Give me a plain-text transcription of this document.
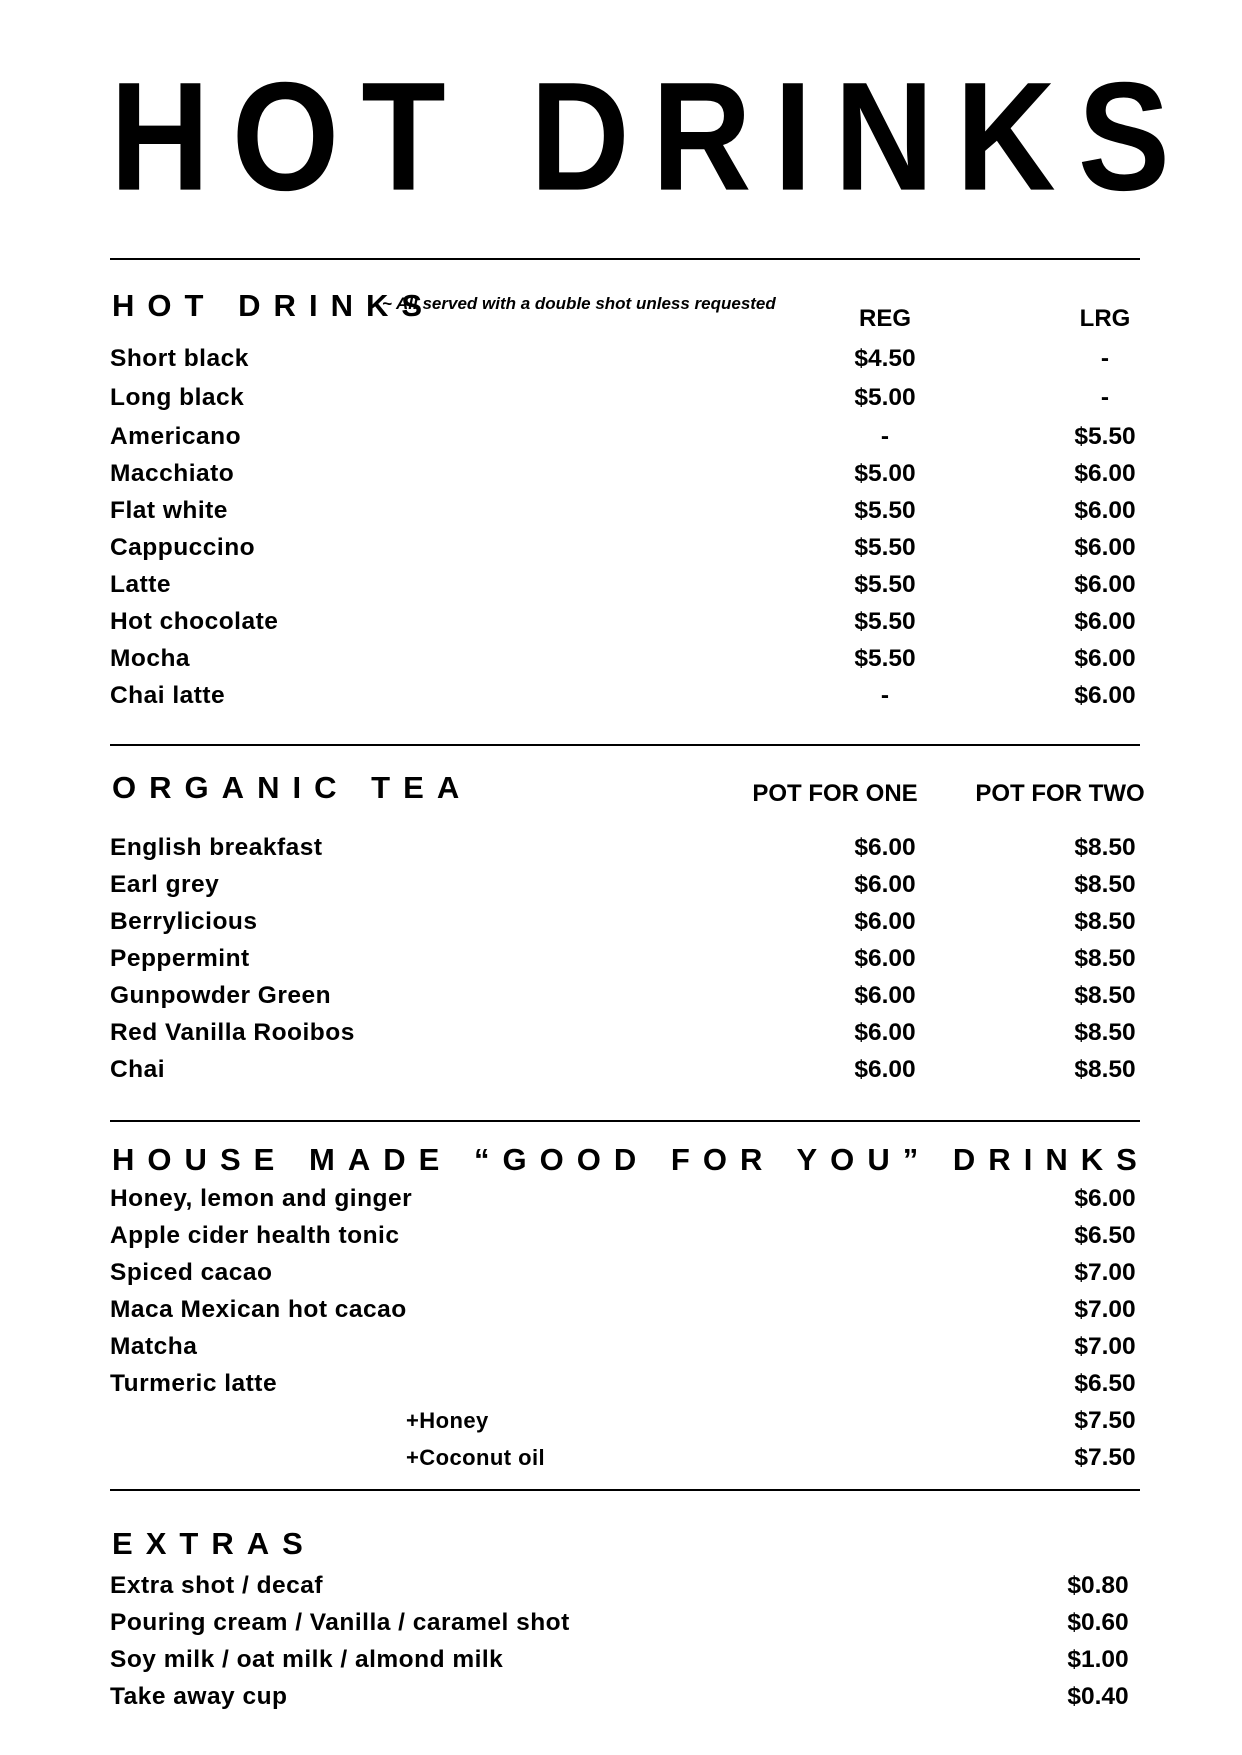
H O T D R I N K S
HOT DRINKS
~ All served with a double shot unless requested
REG	LRG
Short black	$4.50	-
Long black	$5.00	-
Americano	-	$5.50
Macchiato	$5.00	$6.00
Flat white	$5.50	$6.00
Cappuccino	$5.50	$6.00
Latte	$5.50	$6.00
Hot chocolate	$5.50	$6.00
Mocha	$5.50	$6.00
Chai latte	-	$6.00
ORGANIC TEA	POT FOR ONE	POT FOR TWO
English breakfast	$6.00	$8.50
Earl grey	$6.00	$8.50
Berrylicious	$6.00	$8.50
Peppermint	$6.00	$8.50
Gunpowder Green	$6.00	$8.50
Red Vanilla Rooibos	$6.00	$8.50
Chai	$6.00	$8.50
HOUSE MADE “GOOD FOR YOU” DRINKS
Honey, lemon and ginger	$6.00
Apple cider health tonic	$6.50
Spiced cacao	$7.00
Maca Mexican hot cacao	$7.00
Matcha	$7.00
Turmeric latte	$6.50
+Honey	$7.50
+Coconut oil	$7.50
EXTRAS
Extra shot / decaf	$0.80
Pouring cream / Vanilla / caramel shot	$0.60
Soy milk / oat milk / almond milk	$1.00
Take away cup	$0.40
